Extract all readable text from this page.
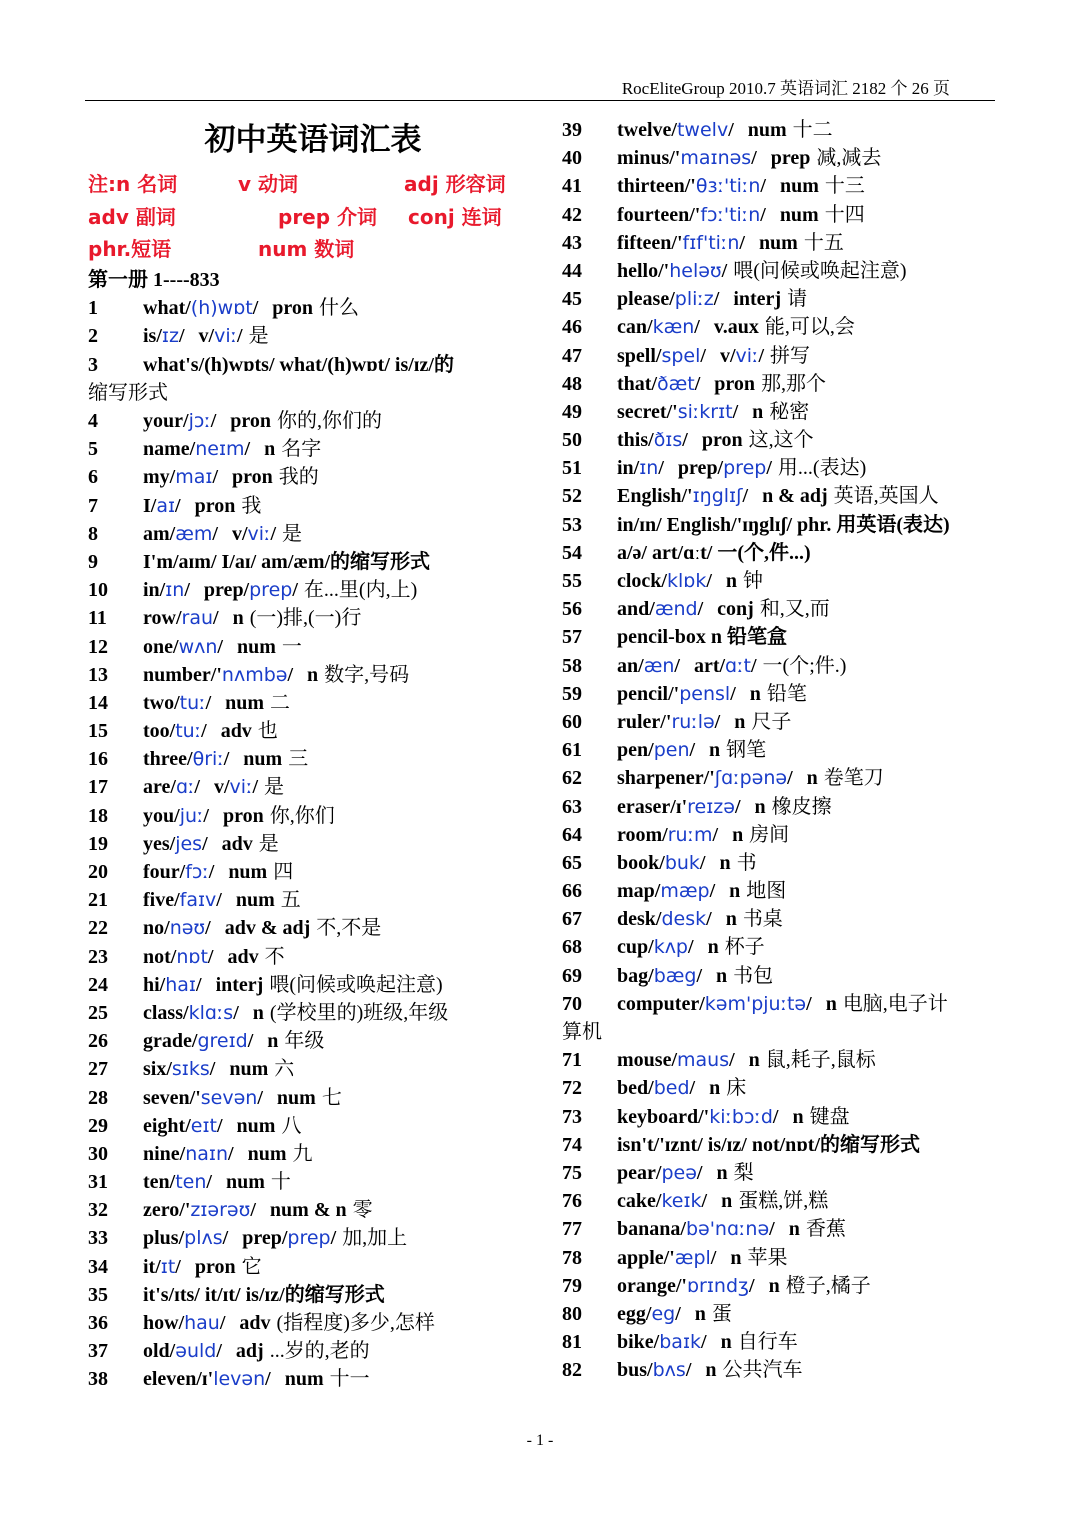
RocEliteGroup 2010.7 英语词汇 2182 个 26 页
初中英语词汇表
注:n 名词	v 动词	adj 形容词
adv 副词	prep 介词 conj 连词
phr.短语	num 数词
第一册 1----833
1	what/(h)wɒt/ pron 什么
2	is/ɪz/ v/viː/ 是
3	what's/(h)wɒts/ what/(h)wɒt/ is/ɪz/的
缩写形式
4	your/jɔː/ pron 你的,你们的
5	name/neɪm/ n 名字
6	my/maɪ/ pron 我的
7	I/aɪ/ pron 我
8	am/æm/ v/viː/ 是
9	I'm/aɪm/ I/aɪ/ am/æm/的缩写形式
10	in/ɪn/ prep/prep/ 在...里(内,上)
11	row/rau/ n (一)排,(一)行
12	one/wʌn/ num 一
13	number/'nʌmbə/ n 数字,号码
14	two/tuː/ num 二
15	too/tuː/ adv 也
16	three/θriː/ num 三
17	are/ɑː/ v/viː/ 是
18	you/juː/ pron 你,你们
19	yes/jes/ adv 是
20	four/fɔː/ num 四
21	five/faɪv/ num 五
22	no/nəʊ/ adv & adj 不,不是
23	not/nɒt/ adv 不
24	hi/haɪ/ interj 喂(问候或唤起注意)
25	class/klɑːs/ n (学校里的)班级,年级
26	grade/greɪd/ n 年级
27	six/sɪks/ num 六
28	seven/'sevən/ num 七
29	eight/eɪt/ num 八
30	nine/naɪn/ num 九
31	ten/ten/ num 十
32	zero/'zɪərəʊ/ num & n 零
33	plus/plʌs/ prep/prep/ 加,加上
34	it/ɪt/ pron 它
35	it's/ɪts/ it/ɪt/ is/ɪz/的缩写形式
36	how/hau/ adv (指程度)多少,怎样
37	old/əuld/ adj ...岁的,老的
38	eleven/ɪ'levən/ num 十一
39	twelve/twelv/ num 十二
40	minus/'maɪnəs/ prep 减,减去
41	thirteen/'θɜː'tiːn/ num 十三
42	fourteen/'fɔː'tiːn/ num 十四
43	fifteen/'fɪf'tiːn/ num 十五
44	hello/'heləʊ/ 喂(问候或唤起注意)
45	please/pliːz/ interj 请
46	can/kæn/ v.aux 能,可以,会
47	spell/spel/ v/viː/ 拼写
48	that/ðæt/ pron 那,那个
49	secret/'siːkrɪt/ n 秘密
50	this/ðɪs/ pron 这,这个
51	in/ɪn/ prep/prep/ 用...(表达)
52	English/'ɪŋglɪʃ/ n & adj 英语,英国人
53	in/ɪn/ English/'ɪŋglɪʃ/ phr. 用英语(表达)
54	a/ə/ art/ɑːt/ 一(个,件...)
55	clock/klɒk/ n 钟
56	and/ænd/ conj 和,又,而
57	pencil-box n 铅笔盒
58	an/æn/ art/ɑːt/ 一(个;件.)
59	pencil/'pensl/ n 铅笔
60	ruler/'ruːlə/ n 尺子
61	pen/pen/ n 钢笔
62	sharpener/'ʃɑːpənə/ n 卷笔刀
63	eraser/ɪ'reɪzə/ n 橡皮擦
64	room/ruːm/ n 房间
65	book/buk/ n 书
66	map/mæp/ n 地图
67	desk/desk/ n 书桌
68	cup/kʌp/ n 杯子
69	bag/bæg/ n 书包
70	computer/kəm'pjuːtə/ n 电脑,电子计
算机
71	mouse/maus/ n 鼠,耗子,鼠标
72	bed/bed/ n 床
73	keyboard/'kiːbɔːd/ n 键盘
74	isn't/'ɪznt/ is/ɪz/ not/nɒt/的缩写形式
75	pear/peə/ n 梨
76	cake/keɪk/ n 蛋糕,饼,糕
77	banana/bə'nɑːnə/ n 香蕉
78	apple/'æpl/ n 苹果
79	orange/'ɒrɪndʒ/ n 橙子,橘子
80	egg/eg/ n 蛋
81	bike/baɪk/ n 自行车
82	bus/bʌs/ n 公共汽车
- 1 -
